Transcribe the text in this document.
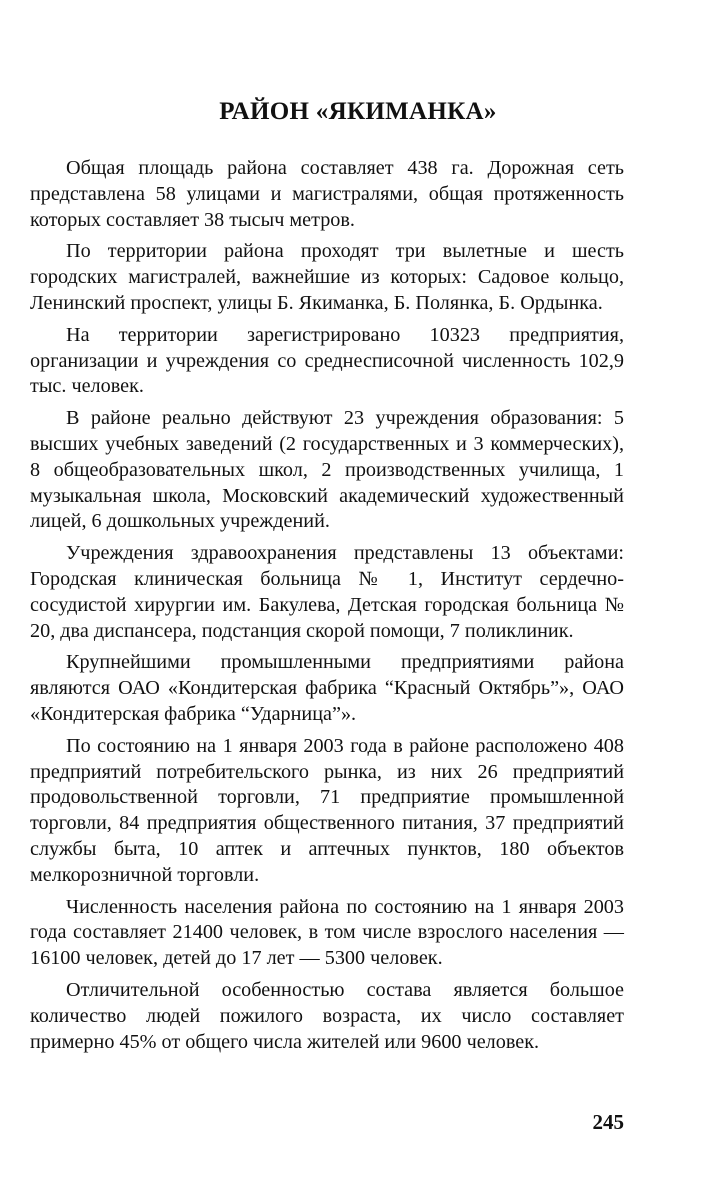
РАЙОН «ЯКИМАНКА»

Общая площадь района составляет 438 га. Дорожная сеть представлена 58 улицами и магистралями, общая протяженность которых составляет 38 тысыч метров.

По территории района проходят три вылетные и шесть городских магистралей, важнейшие из которых: Садовое кольцо, Ленинский проспект, улицы Б. Якиманка, Б. Полянка, Б. Ордынка.

На территории зарегистрировано 10323 предприятия, организации и учреждения со среднесписочной численность 102,9 тыс. человек.

В районе реально действуют 23 учреждения образования: 5 высших учебных заведений (2 государственных и 3 коммерческих), 8 общеобразовательных школ, 2 производственных училища, 1 музыкальная школа, Московский академический художественный лицей, 6 дошкольных учреждений.

Учреждения здравоохранения представлены 13 объектами: Городская клиническая больница № 1, Институт сердечно-сосудистой хирургии им. Бакулева, Детская городская больница № 20, два диспансера, подстанция скорой помощи, 7 поликлиник.

Крупнейшими промышленными предприятиями района являются ОАО «Кондитерская фабрика “Красный Октябрь”», ОАО «Кондитерская фабрика “Ударница”».

По состоянию на 1 января 2003 года в районе расположено 408 предприятий потребительского рынка, из них 26 предприятий продовольственной торговли, 71 предприятие промышленной торговли, 84 предприятия общественного питания, 37 предприятий службы быта, 10 аптек и аптечных пунктов, 180 объектов мелкорозничной торговли.

Численность населения района по состоянию на 1 января 2003 года составляет 21400 человек, в том числе взрослого населения — 16100 человек, детей до 17 лет — 5300 человек.

Отличительной особенностью состава является большое количество людей пожилого возраста, их число составляет примерно 45% от общего числа жителей или 9600 человек.

245
